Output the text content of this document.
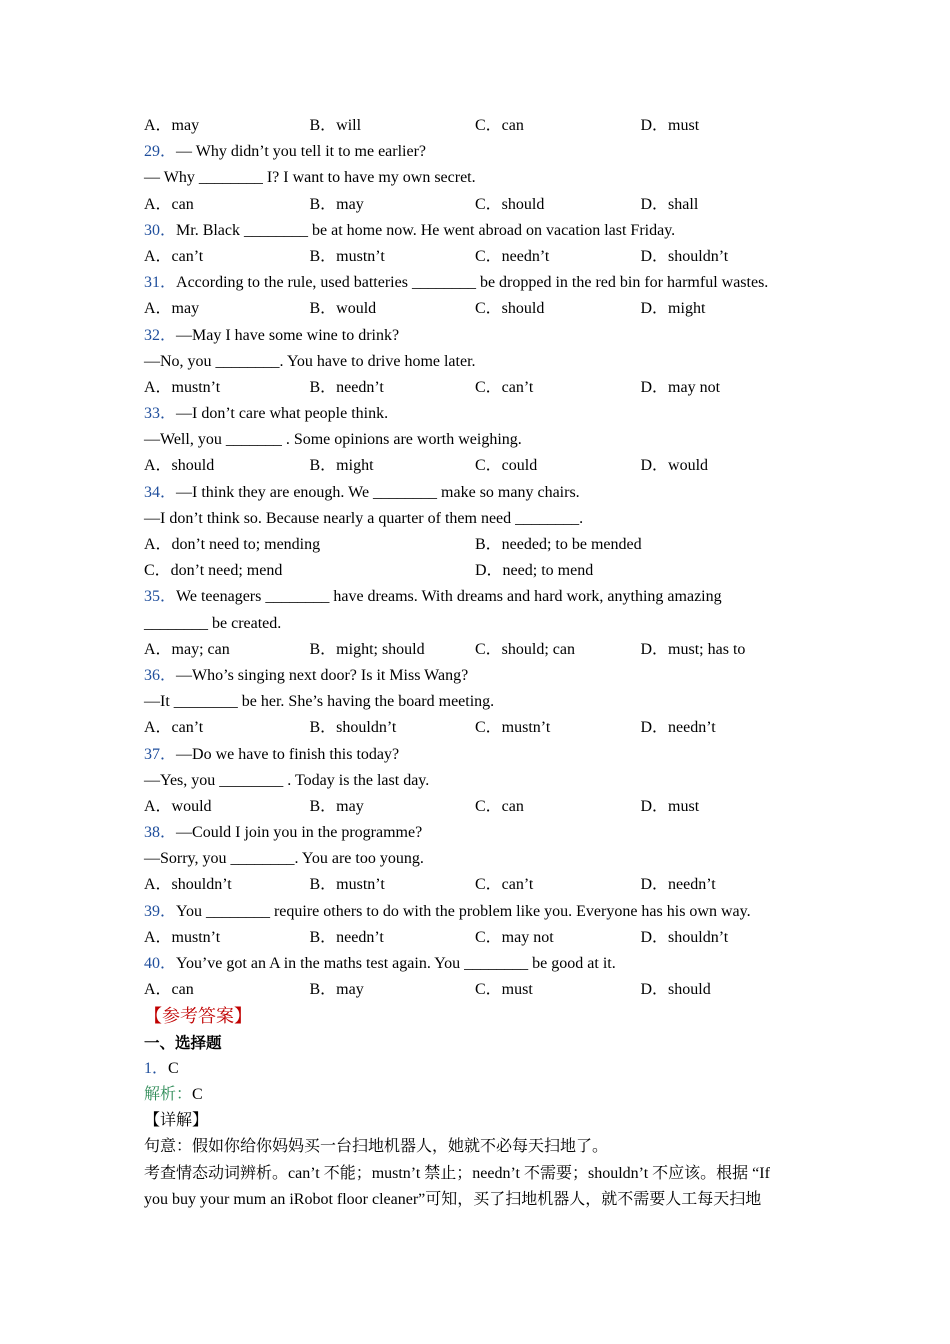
A．may	B．will	C．can	D．must
29．— Why didn’t you tell it to me earlier?
— Why ________ I? I want to have my own secret.
A．can	B．may	C．should	D．shall
30．Mr. Black ________ be at home now. He went abroad on vacation last Friday.
A．can’t	B．mustn’t	C．needn’t	D．shouldn’t
31．According to the rule, used batteries ________ be dropped in the red bin for harmful wastes.
A．may	B．would	C．should	D．might
32．—May I have some wine to drink?
—No, you ________. You have to drive home later.
A．mustn’t	B．needn’t	C．can’t	D．may not
33．—I don’t care what people think.
—Well, you _______ . Some opinions are worth weighing.
A．should	B．might	C．could	D．would
34．—I think they are enough. We ________ make so many chairs.
—I don’t think so. Because nearly a quarter of them need ________.
A．don’t need to; mending	B．needed; to be mended
C．don’t need; mend	D．need; to mend
35．We teenagers ________ have dreams. With dreams and hard work, anything amazing
________ be created.
A．may; can	B．might; should	C．should; can	D．must; has to
36．—Who’s singing next door? Is it Miss Wang?
—It ________ be her. She’s having the board meeting.
A．can’t	B．shouldn’t	C．mustn’t	D．needn’t
37．—Do we have to finish this today?
—Yes, you ________ . Today is the last day.
A．would	B．may	C．can	D．must
38．—Could I join you in the programme?
—Sorry, you ________. You are too young.
A．shouldn’t	B．mustn’t	C．can’t	D．needn’t
39．You ________ require others to do with the problem like you. Everyone has his own way.
A．mustn’t	B．needn’t	C．may not	D．shouldn’t
40．You’ve got an A in the maths test again. You ________ be good at it.
A．can	B．may	C．must	D．should
【参考答案】
一、选择题
1．C
解析：C
【详解】
句意：假如你给你妈妈买一台扫地机器人，她就不必每天扫地了。
考查情态动词辨析。can’t 不能；mustn’t 禁止；needn’t 不需要；shouldn’t 不应该。根据 “If
you buy your mum an iRobot floor cleaner”可知，买了扫地机器人，就不需要人工每天扫地
